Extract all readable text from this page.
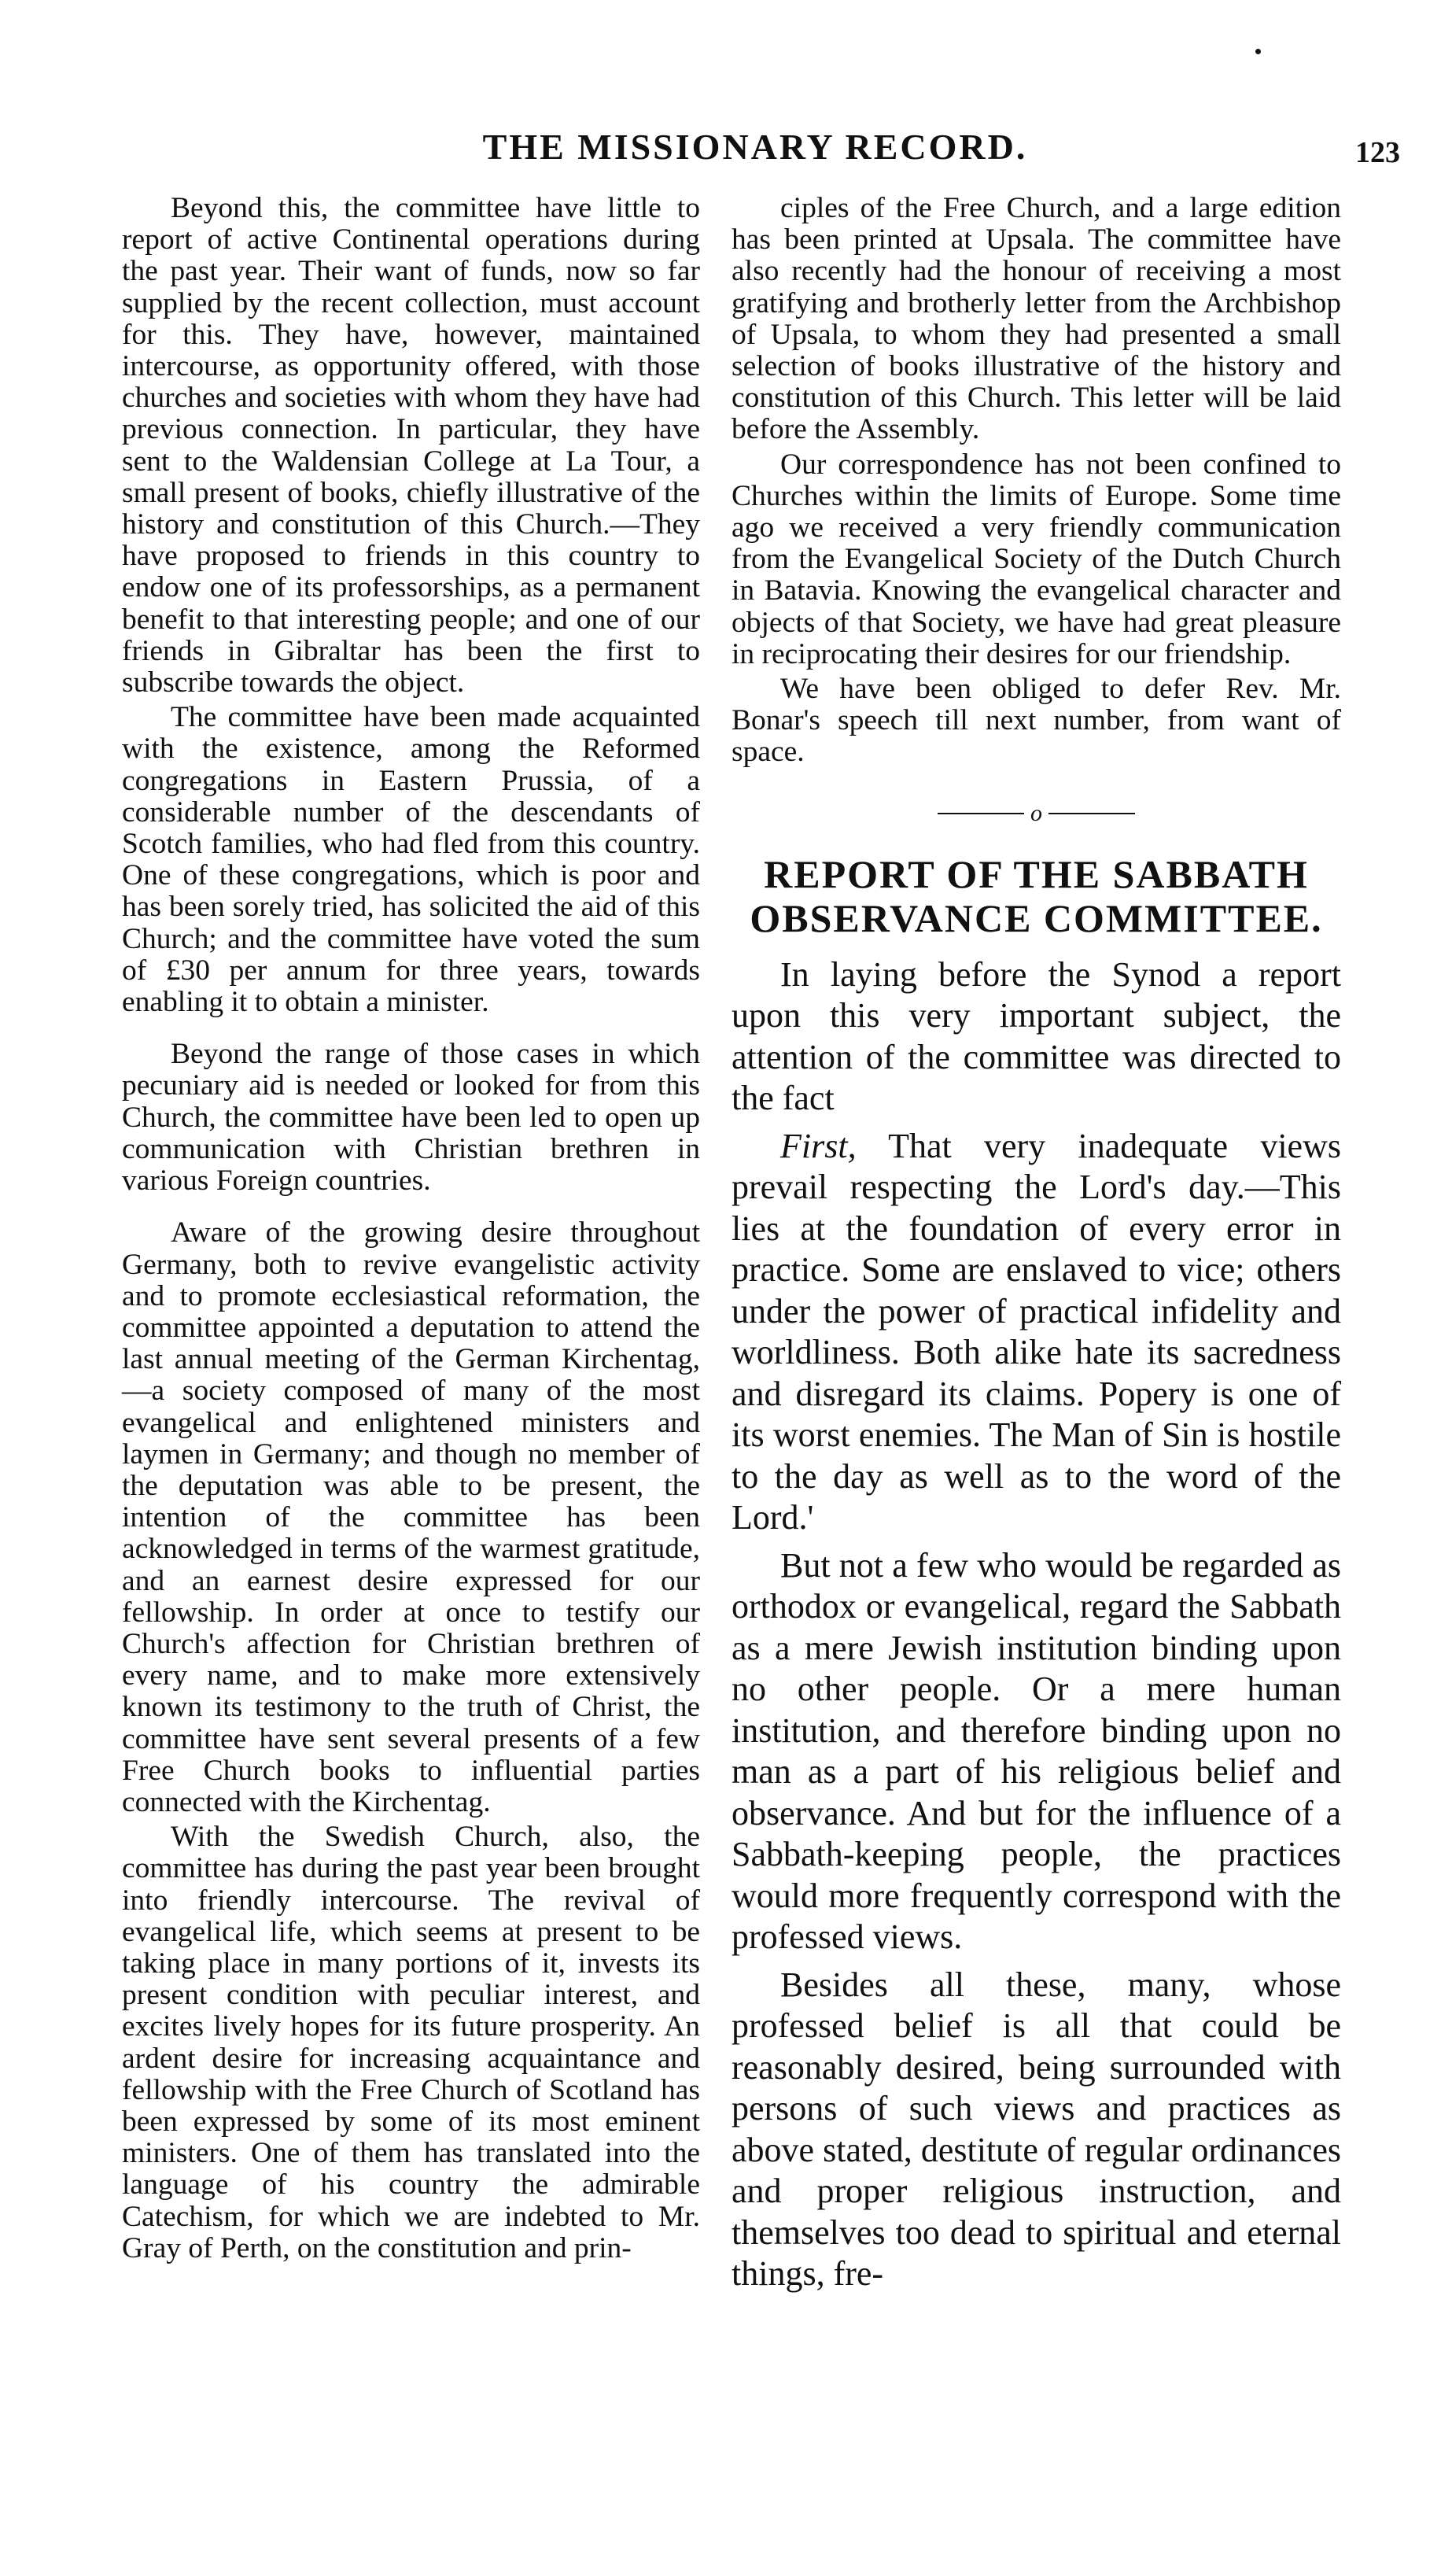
THE MISSIONARY RECORD.	123

Beyond this, the committee have little to report of active Continental operations during the past year. Their want of funds, now so far supplied by the recent collection, must account for this. They have, however, maintained intercourse, as opportunity offered, with those churches and societies with whom they have had previous connection. In particular, they have sent to the Waldensian College at La Tour, a small present of books, chiefly illustrative of the history and constitution of this Church.—They have proposed to friends in this country to endow one of its professorships, as a permanent benefit to that interesting people; and one of our friends in Gibraltar has been the first to subscribe towards the object.

The committee have been made acquainted with the existence, among the Reformed congregations in Eastern Prussia, of a considerable number of the descendants of Scotch families, who had fled from this country. One of these congregations, which is poor and has been sorely tried, has solicited the aid of this Church; and the committee have voted the sum of £30 per annum for three years, towards enabling it to obtain a minister.

Beyond the range of those cases in which pecuniary aid is needed or looked for from this Church, the committee have been led to open up communication with Christian brethren in various Foreign countries.

Aware of the growing desire throughout Germany, both to revive evangelistic activity and to promote ecclesiastical reformation, the committee appointed a deputation to attend the last annual meeting of the German Kirchentag,—a society composed of many of the most evangelical and enlightened ministers and laymen in Germany; and though no member of the deputation was able to be present, the intention of the committee has been acknowledged in terms of the warmest gratitude, and an earnest desire expressed for our fellowship. In order at once to testify our Church's affection for Christian brethren of every name, and to make more extensively known its testimony to the truth of Christ, the committee have sent several presents of a few Free Church books to influential parties connected with the Kirchentag.

With the Swedish Church, also, the committee has during the past year been brought into friendly intercourse. The revival of evangelical life, which seems at present to be taking place in many portions of it, invests its present condition with peculiar interest, and excites lively hopes for its future prosperity. An ardent desire for increasing acquaintance and fellowship with the Free Church of Scotland has been expressed by some of its most eminent ministers. One of them has translated into the language of his country the admirable Catechism, for which we are indebted to Mr. Gray of Perth, on the constitution and prin-

ciples of the Free Church, and a large edition has been printed at Upsala. The committee have also recently had the honour of receiving a most gratifying and brotherly letter from the Archbishop of Upsala, to whom they had presented a small selection of books illustrative of the history and constitution of this Church. This letter will be laid before the Assembly.

Our correspondence has not been confined to Churches within the limits of Europe. Some time ago we received a very friendly communication from the Evangelical Society of the Dutch Church in Batavia. Knowing the evangelical character and objects of that Society, we have had great pleasure in reciprocating their desires for our friendship.

We have been obliged to defer Rev. Mr. Bonar's speech till next number, from want of space.

o
REPORT OF THE SABBATH
OBSERVANCE COMMITTEE.

In laying before the Synod a report upon this very important subject, the attention of the committee was directed to the fact

First, That very inadequate views prevail respecting the Lord's day.—This lies at the foundation of every error in practice. Some are enslaved to vice; others under the power of practical infidelity and worldliness. Both alike hate its sacredness and disregard its claims. Popery is one of its worst enemies. The Man of Sin is hostile to the day as well as to the word of the Lord.'

But not a few who would be regarded as orthodox or evangelical, regard the Sabbath as a mere Jewish institution binding upon no other people. Or a mere human institution, and therefore binding upon no man as a part of his religious belief and observance. And but for the influence of a Sabbath-keeping people, the practices would more frequently correspond with the professed views.

Besides all these, many, whose professed belief is all that could be reasonably desired, being surrounded with persons of such views and practices as above stated, destitute of regular ordinances and proper religious instruction, and themselves too dead to spiritual and eternal things, fre-
